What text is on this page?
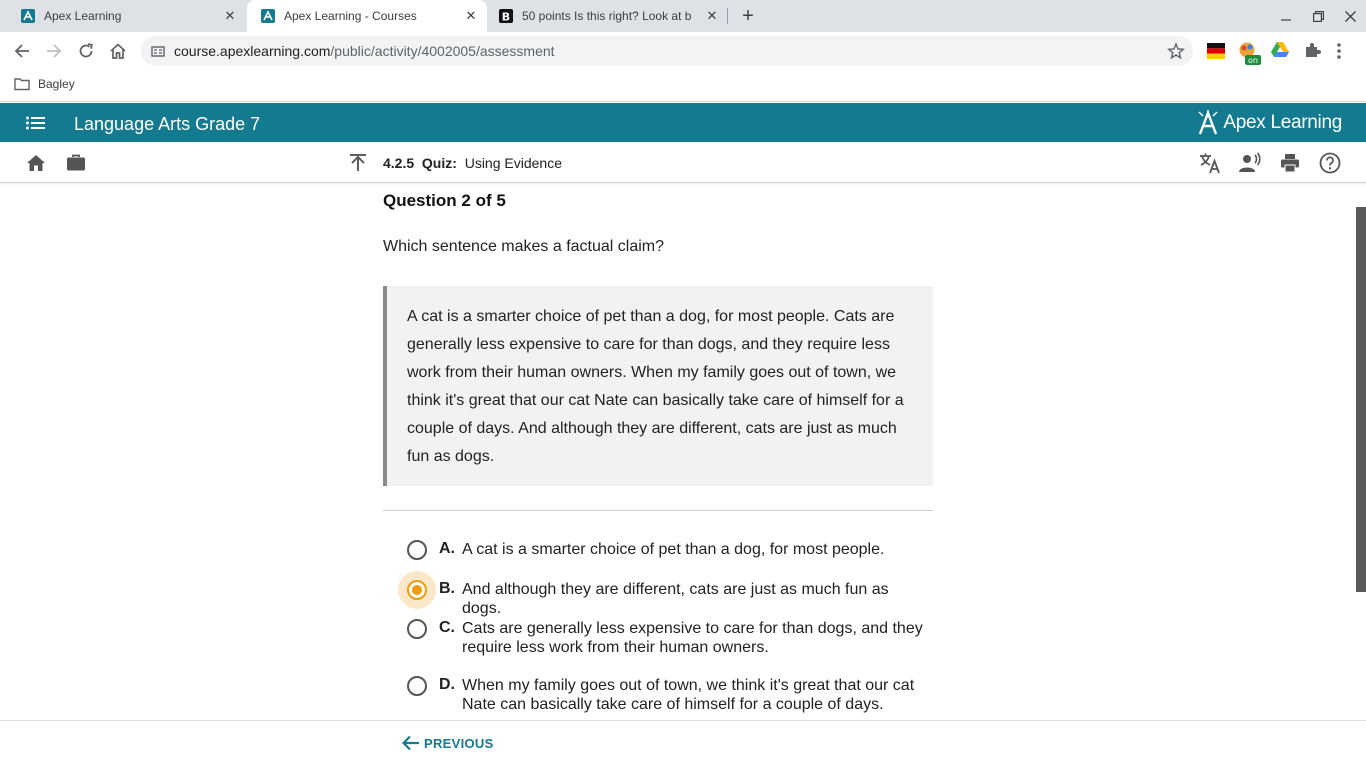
Apex Learning	✕	Apex Learning - Courses	✕ B 50 points Is this right? Look at b	✕	+
course.apexlearning.com/public/activity/4002005/assessment
on
Bagley
Language Arts Grade 7	Apex Learning
4.2.5 Quiz: Using Evidence
Question 2 of 5
Which sentence makes a factual claim?
A cat is a smarter choice of pet than a dog, for most people. Cats are generally less expensive to care for than dogs, and they require less work from their human owners. When my family goes out of town, we think it's great that our cat Nate can basically take care of himself for a couple of days. And although they are different, cats are just as much fun as dogs.
A. A cat is a smarter choice of pet than a dog, for most people.
B. And although they are different, cats are just as much fun as dogs.
C. Cats are generally less expensive to care for than dogs, and they require less work from their human owners.
D. When my family goes out of town, we think it's great that our cat Nate can basically take care of himself for a couple of days.
PREVIOUS
